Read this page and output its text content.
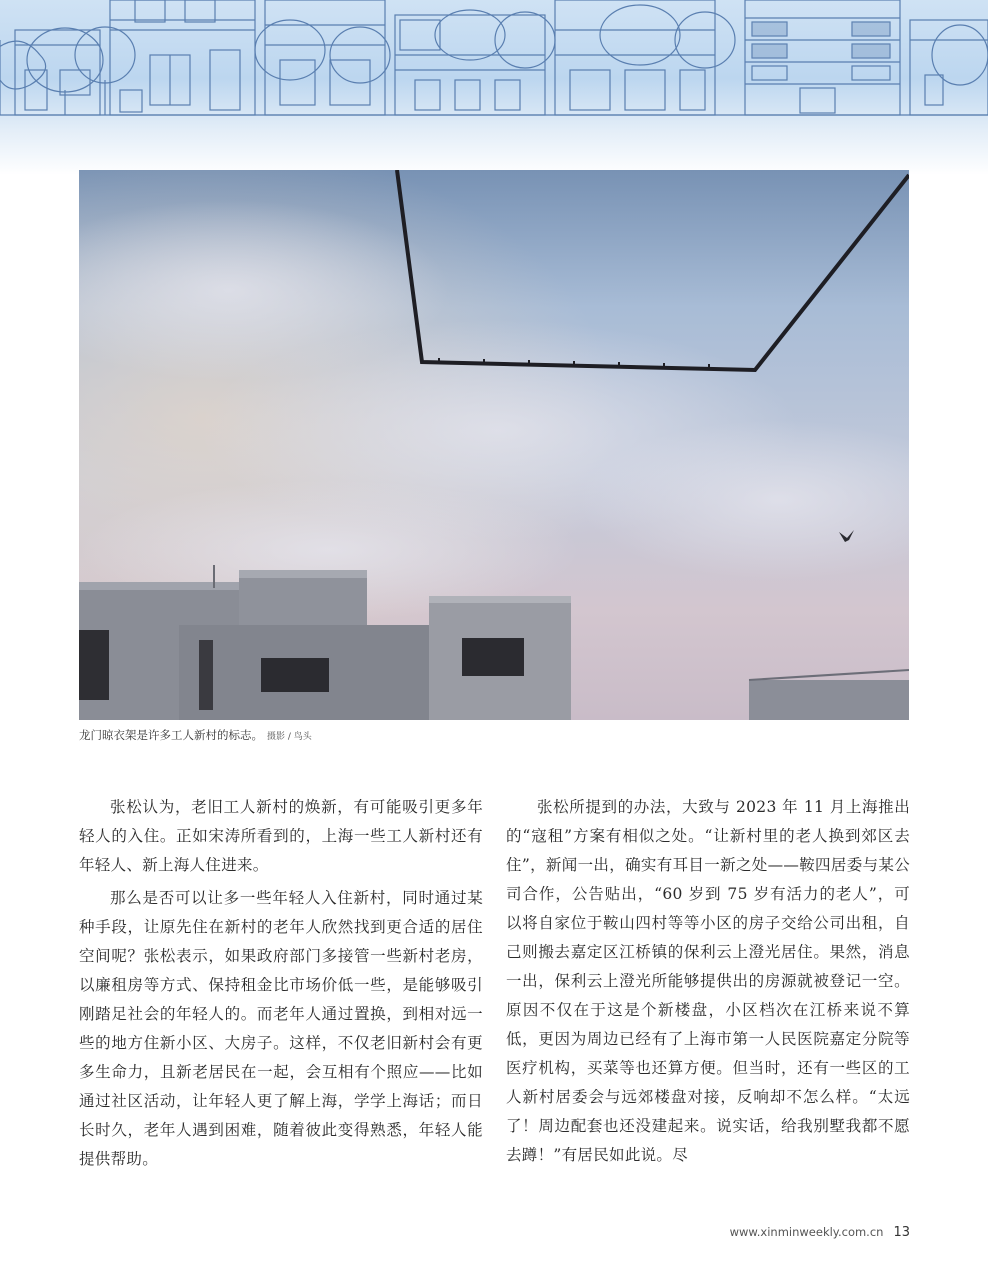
龙门晾衣架是许多工人新村的标志。 摄影 / 鸟头

张松认为，老旧工人新村的焕新，有可能吸引更多年轻人的入住。正如宋涛所看到的，上海一些工人新村还有年轻人、新上海人住进来。

那么是否可以让多一些年轻人入住新村，同时通过某种手段，让原先住在新村的老年人欣然找到更合适的居住空间呢？张松表示，如果政府部门多接管一些新村老房，以廉租房等方式、保持租金比市场价低一些，是能够吸引刚踏足社会的年轻人的。而老年人通过置换，到相对远一些的地方住新小区、大房子。这样，不仅老旧新村会有更多生命力，且新老居民在一起，会互相有个照应——比如通过社区活动，让年轻人更了解上海，学学上海话；而日长时久，老年人遇到困难，随着彼此变得熟悉，年轻人能提供帮助。

张松所提到的办法，大致与 2023 年 11 月上海推出的“寇租”方案有相似之处。“让新村里的老人换到郊区去住”，新闻一出，确实有耳目一新之处——鞍四居委与某公司合作，公告贴出，“60 岁到 75 岁有活力的老人”，可以将自家位于鞍山四村等等小区的房子交给公司出租，自己则搬去嘉定区江桥镇的保利云上澄光居住。果然，消息一出，保利云上澄光所能够提供出的房源就被登记一空。原因不仅在于这是个新楼盘，小区档次在江桥来说不算低，更因为周边已经有了上海市第一人民医院嘉定分院等医疗机构，买菜等也还算方便。但当时，还有一些区的工人新村居委会与远郊楼盘对接，反响却不怎么样。“太远了！周边配套也还没建起来。说实话，给我别墅我都不愿去蹲！”有居民如此说。尽

www.xinminweekly.com.cn 13
